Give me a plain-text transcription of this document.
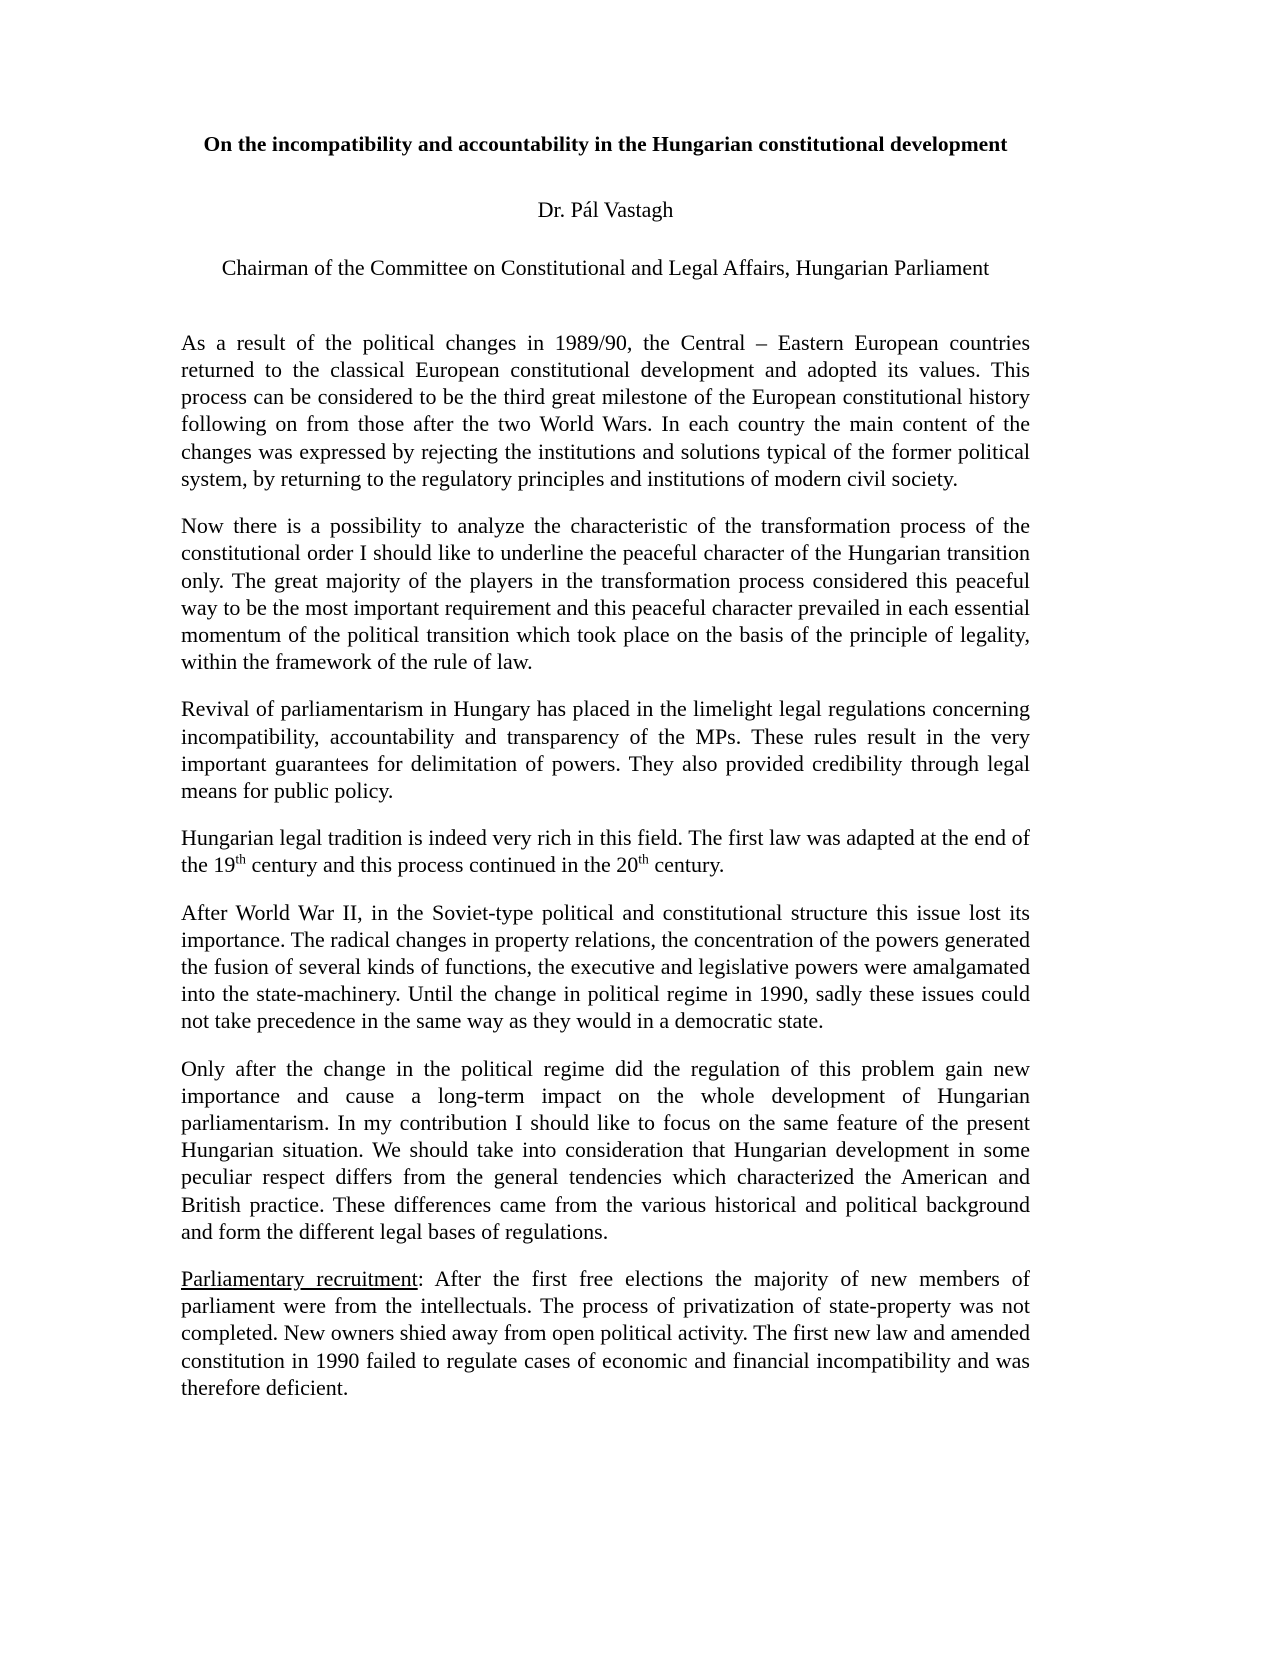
On the incompatibility and accountability in the Hungarian constitutional development
Dr. Pál Vastagh
Chairman of the Committee on Constitutional and Legal Affairs, Hungarian Parliament

As a result of the political changes in 1989/90, the Central – Eastern European countries returned to the classical European constitutional development and adopted its values. This process can be considered to be the third great milestone of the European constitutional history following on from those after the two World Wars. In each country the main content of the changes was expressed by rejecting the institutions and solutions typical of the former political system, by returning to the regulatory principles and institutions of modern civil society.

Now there is a possibility to analyze the characteristic of the transformation process of the constitutional order I should like to underline the peaceful character of the Hungarian transition only. The great majority of the players in the transformation process considered this peaceful way to be the most important requirement and this peaceful character prevailed in each essential momentum of the political transition which took place on the basis of the principle of legality, within the framework of the rule of law.

Revival of parliamentarism in Hungary has placed in the limelight legal regulations concerning incompatibility, accountability and transparency of the MPs. These rules result in the very important guarantees for delimitation of powers. They also provided credibility through legal means for public policy.

Hungarian legal tradition is indeed very rich in this field. The first law was adapted at the end of the 19th century and this process continued in the 20th century.

After World War II, in the Soviet-type political and constitutional structure this issue lost its importance. The radical changes in property relations, the concentration of the powers generated the fusion of several kinds of functions, the executive and legislative powers were amalgamated into the state-machinery. Until the change in political regime in 1990, sadly these issues could not take precedence in the same way as they would in a democratic state.

Only after the change in the political regime did the regulation of this problem gain new importance and cause a long-term impact on the whole development of Hungarian parliamentarism. In my contribution I should like to focus on the same feature of the present Hungarian situation. We should take into consideration that Hungarian development in some peculiar respect differs from the general tendencies which characterized the American and British practice. These differences came from the various historical and political background and form the different legal bases of regulations.

Parliamentary recruitment: After the first free elections the majority of new members of parliament were from the intellectuals. The process of privatization of state-property was not completed. New owners shied away from open political activity. The first new law and amended constitution in 1990 failed to regulate cases of economic and financial incompatibility and was therefore deficient.
